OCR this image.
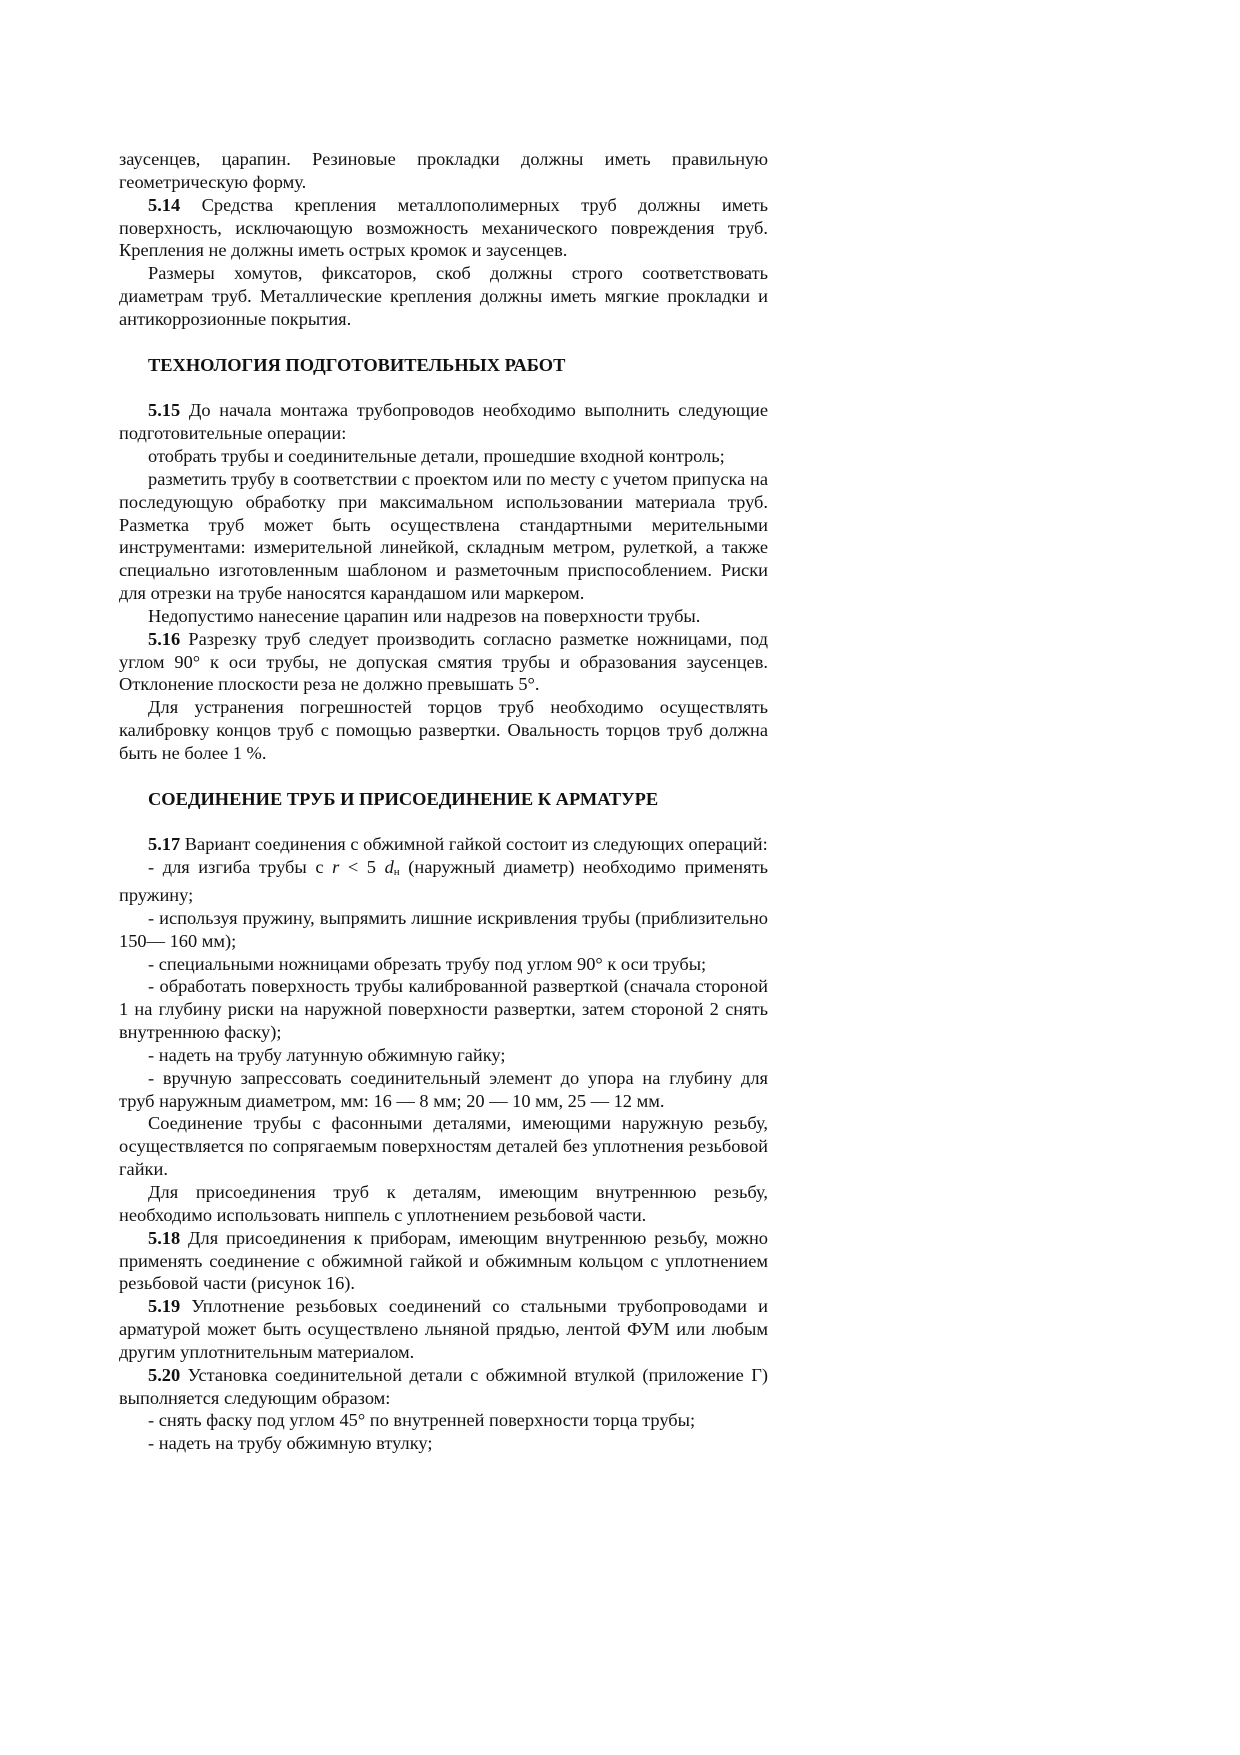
заусенцев, царапин. Резиновые прокладки должны иметь правильную геометрическую форму.

5.14 Средства крепления металлополимерных труб должны иметь поверхность, исключающую возможность механического повреждения труб. Крепления не должны иметь острых кромок и заусенцев.

Размеры хомутов, фиксаторов, скоб должны строго соответствовать диаметрам труб. Металлические крепления должны иметь мягкие прокладки и антикоррозионные покрытия.

ТЕХНОЛОГИЯ ПОДГОТОВИТЕЛЬНЫХ РАБОТ

5.15 До начала монтажа трубопроводов необходимо выполнить следующие подготовительные операции:

отобрать трубы и соединительные детали, прошедшие входной контроль;

разметить трубу в соответствии с проектом или по месту с учетом припуска на последующую обработку при максимальном использовании материала труб. Разметка труб может быть осуществлена стандартными мерительными инструментами: измерительной линейкой, складным метром, рулеткой, а также специально изготовленным шаблоном и разметочным приспособлением. Риски для отрезки на трубе наносятся карандашом или маркером.

Недопустимо нанесение царапин или надрезов на поверхности трубы.

5.16 Разрезку труб следует производить согласно разметке ножницами, под углом 90° к оси трубы, не допуская смятия трубы и образования заусенцев. Отклонение плоскости реза не должно превышать 5°.

Для устранения погрешностей торцов труб необходимо осуществлять калибровку концов труб с помощью развертки. Овальность торцов труб должна быть не более 1 %.

СОЕДИНЕНИЕ ТРУБ И ПРИСОЕДИНЕНИЕ К АРМАТУРЕ

5.17 Вариант соединения с обжимной гайкой состоит из следующих операций:

- для изгиба трубы с r < 5 dн (наружный диаметр) необходимо применять пружину;

- используя пружину, выпрямить лишние искривления трубы (приблизительно 150— 160 мм);

- специальными ножницами обрезать трубу под углом 90° к оси трубы;

- обработать поверхность трубы калиброванной разверткой (сначала стороной 1 на глубину риски на наружной поверхности развертки, затем стороной 2 снять внутреннюю фаску);

- надеть на трубу латунную обжимную гайку;

- вручную запрессовать соединительный элемент до упора на глубину для труб наружным диаметром, мм: 16 — 8 мм; 20 — 10 мм, 25 — 12 мм.

Соединение трубы с фасонными деталями, имеющими наружную резьбу, осуществляется по сопрягаемым поверхностям деталей без уплотнения резьбовой гайки.

Для присоединения труб к деталям, имеющим внутреннюю резьбу, необходимо использовать ниппель с уплотнением резьбовой части.

5.18 Для присоединения к приборам, имеющим внутреннюю резьбу, можно применять соединение с обжимной гайкой и обжимным кольцом с уплотнением резьбовой части (рисунок 16).

5.19 Уплотнение резьбовых соединений со стальными трубопроводами и арматурой может быть осуществлено льняной прядью, лентой ФУМ или любым другим уплотнительным материалом.

5.20 Установка соединительной детали с обжимной втулкой (приложение Г) выполняется следующим образом:

- снять фаску под углом 45° по внутренней поверхности торца трубы;

- надеть на трубу обжимную втулку;
